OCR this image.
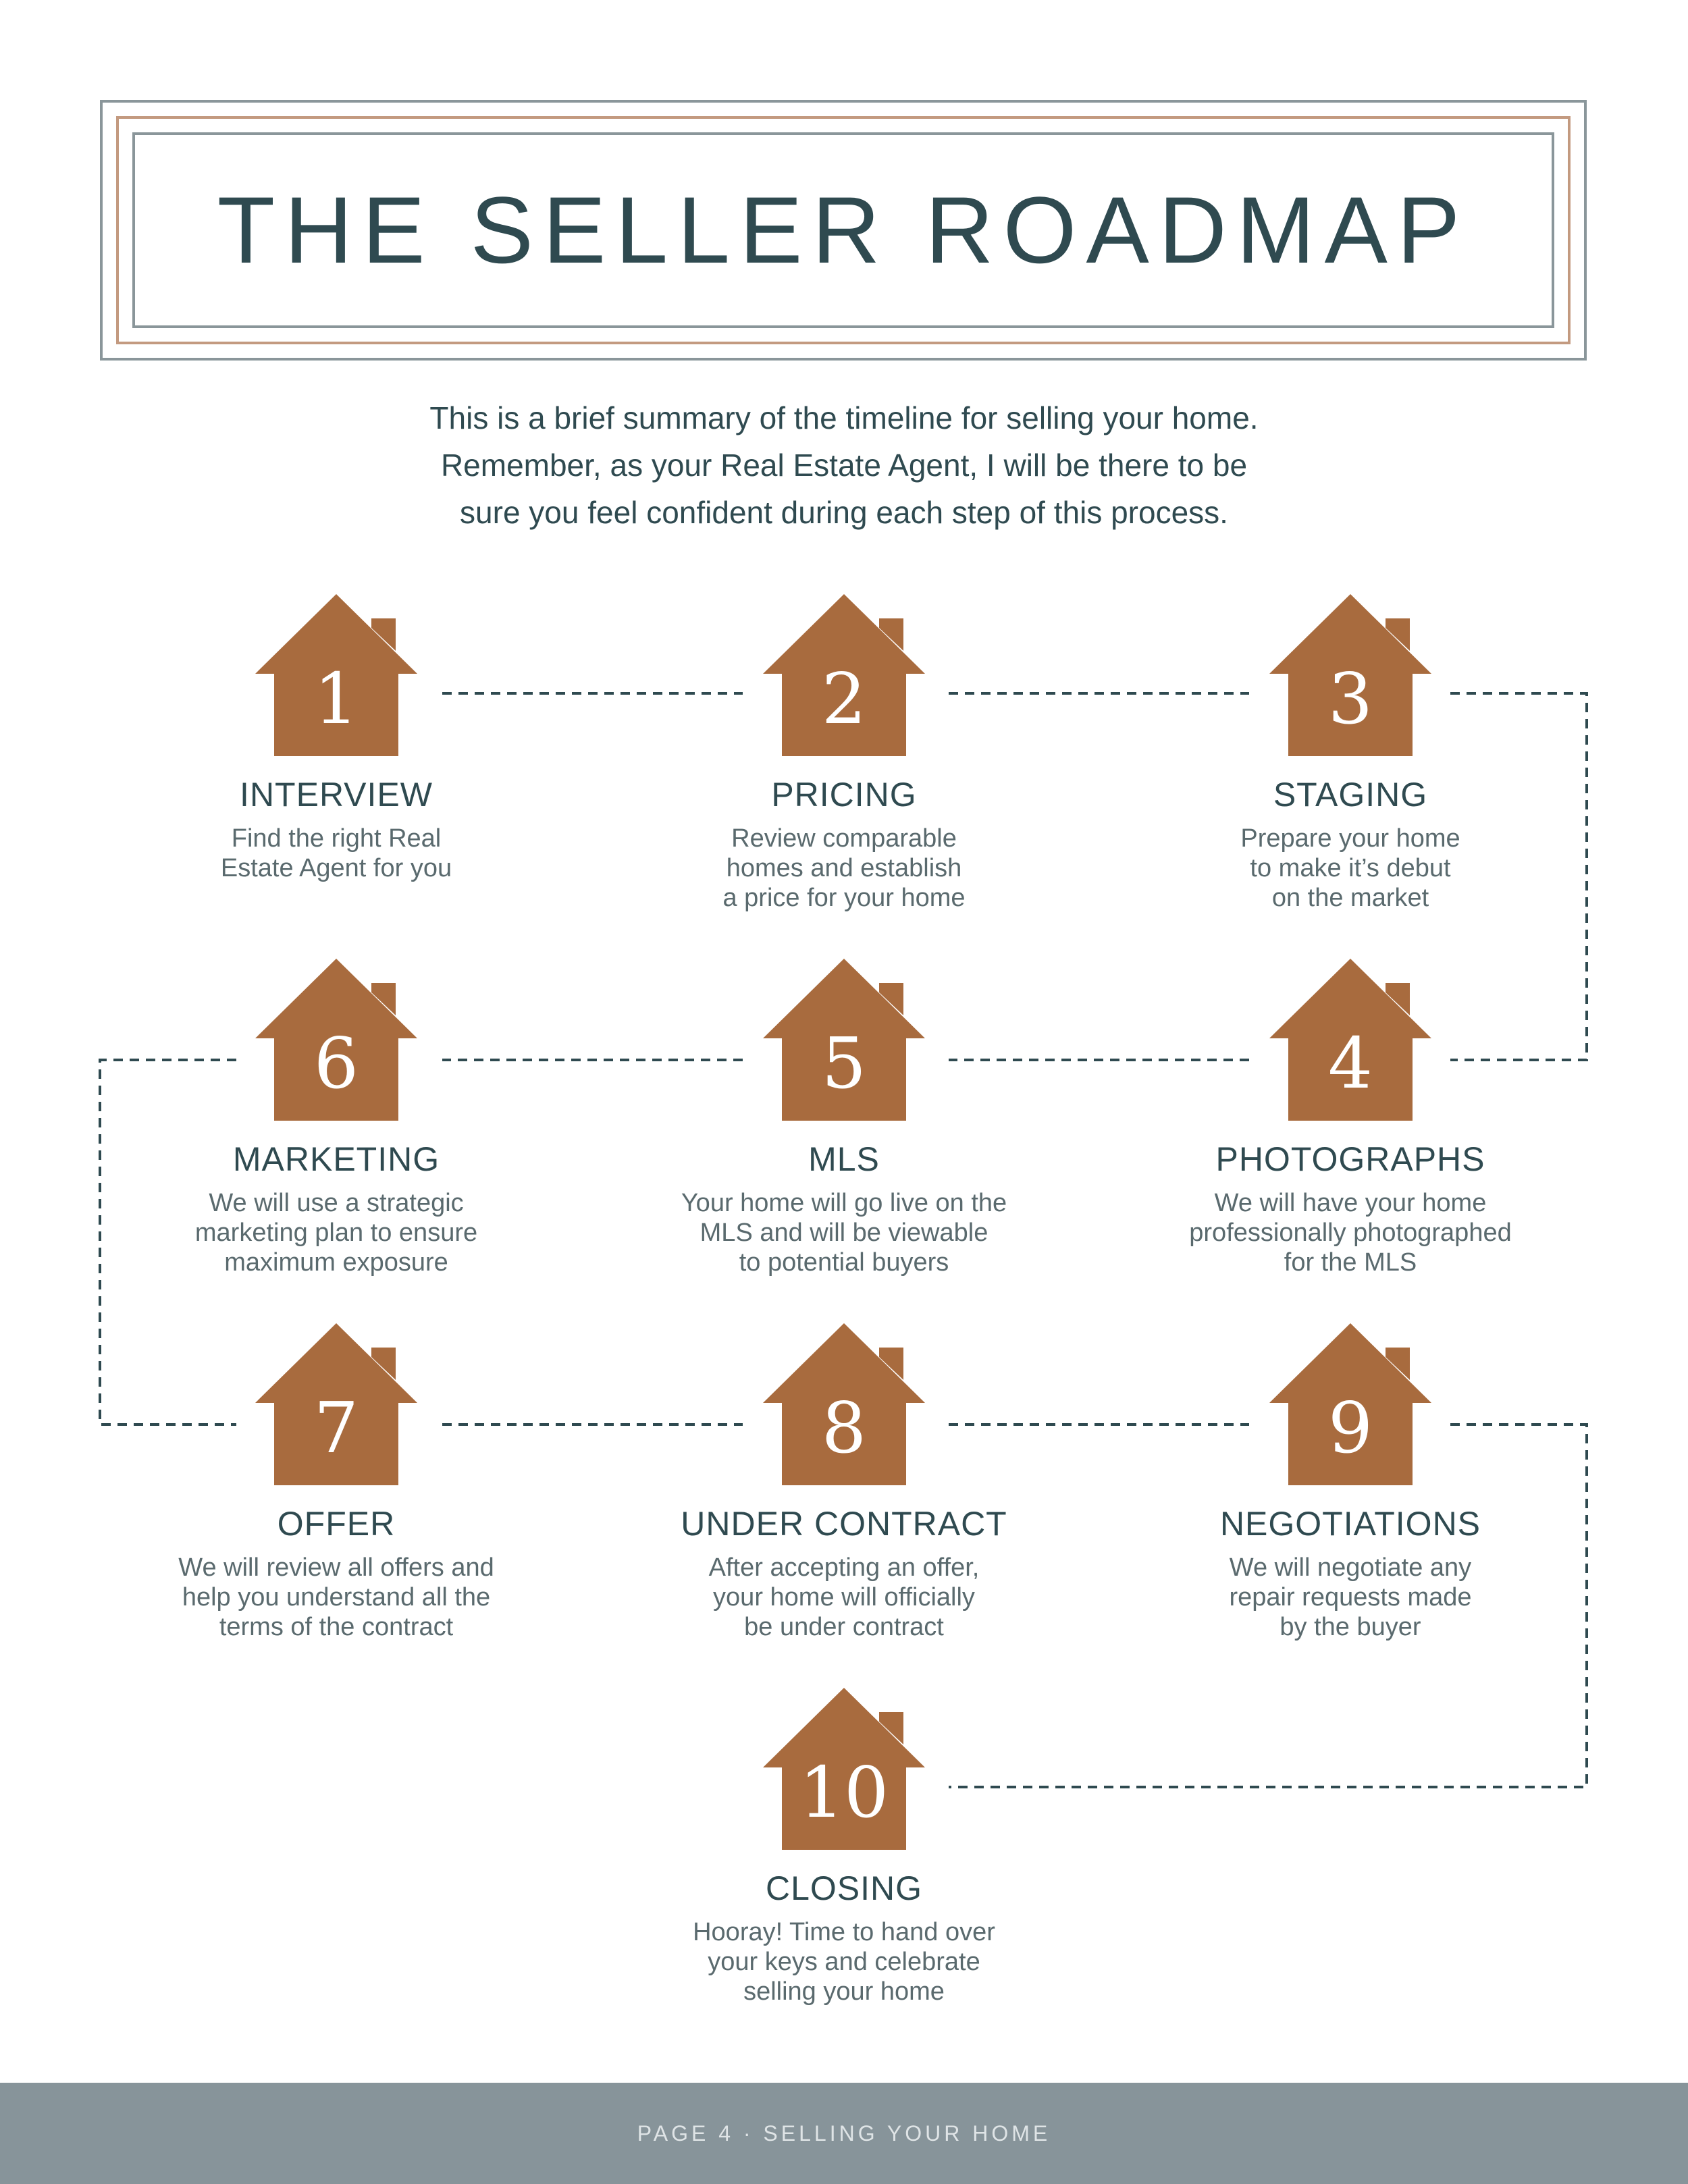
THE SELLER ROADMAP
This is a brief summary of the timeline for selling your home.
Remember, as your Real Estate Agent, I will be there to be
sure you feel confident during each step of this process.
1
INTERVIEW
Find the right Real
Estate Agent for you
2
PRICING
Review comparable
homes and establish
a price for your home
3
STAGING
Prepare your home
to make it’s debut
on the market
6
MARKETING
We will use a strategic
marketing plan to ensure
maximum exposure
5
MLS
Your home will go live on the
MLS and will be viewable
to potential buyers
4
PHOTOGRAPHS
We will have your home
professionally photographed
for the MLS
7
OFFER
We will review all offers and
help you understand all the
terms of the contract
8
UNDER CONTRACT
After accepting an offer,
your home will officially
be under contract
9
NEGOTIATIONS
We will negotiate any
repair requests made
by the buyer
10
CLOSING
Hooray! Time to hand over
your keys and celebrate
selling your home
PAGE 4 · SELLING YOUR HOME
